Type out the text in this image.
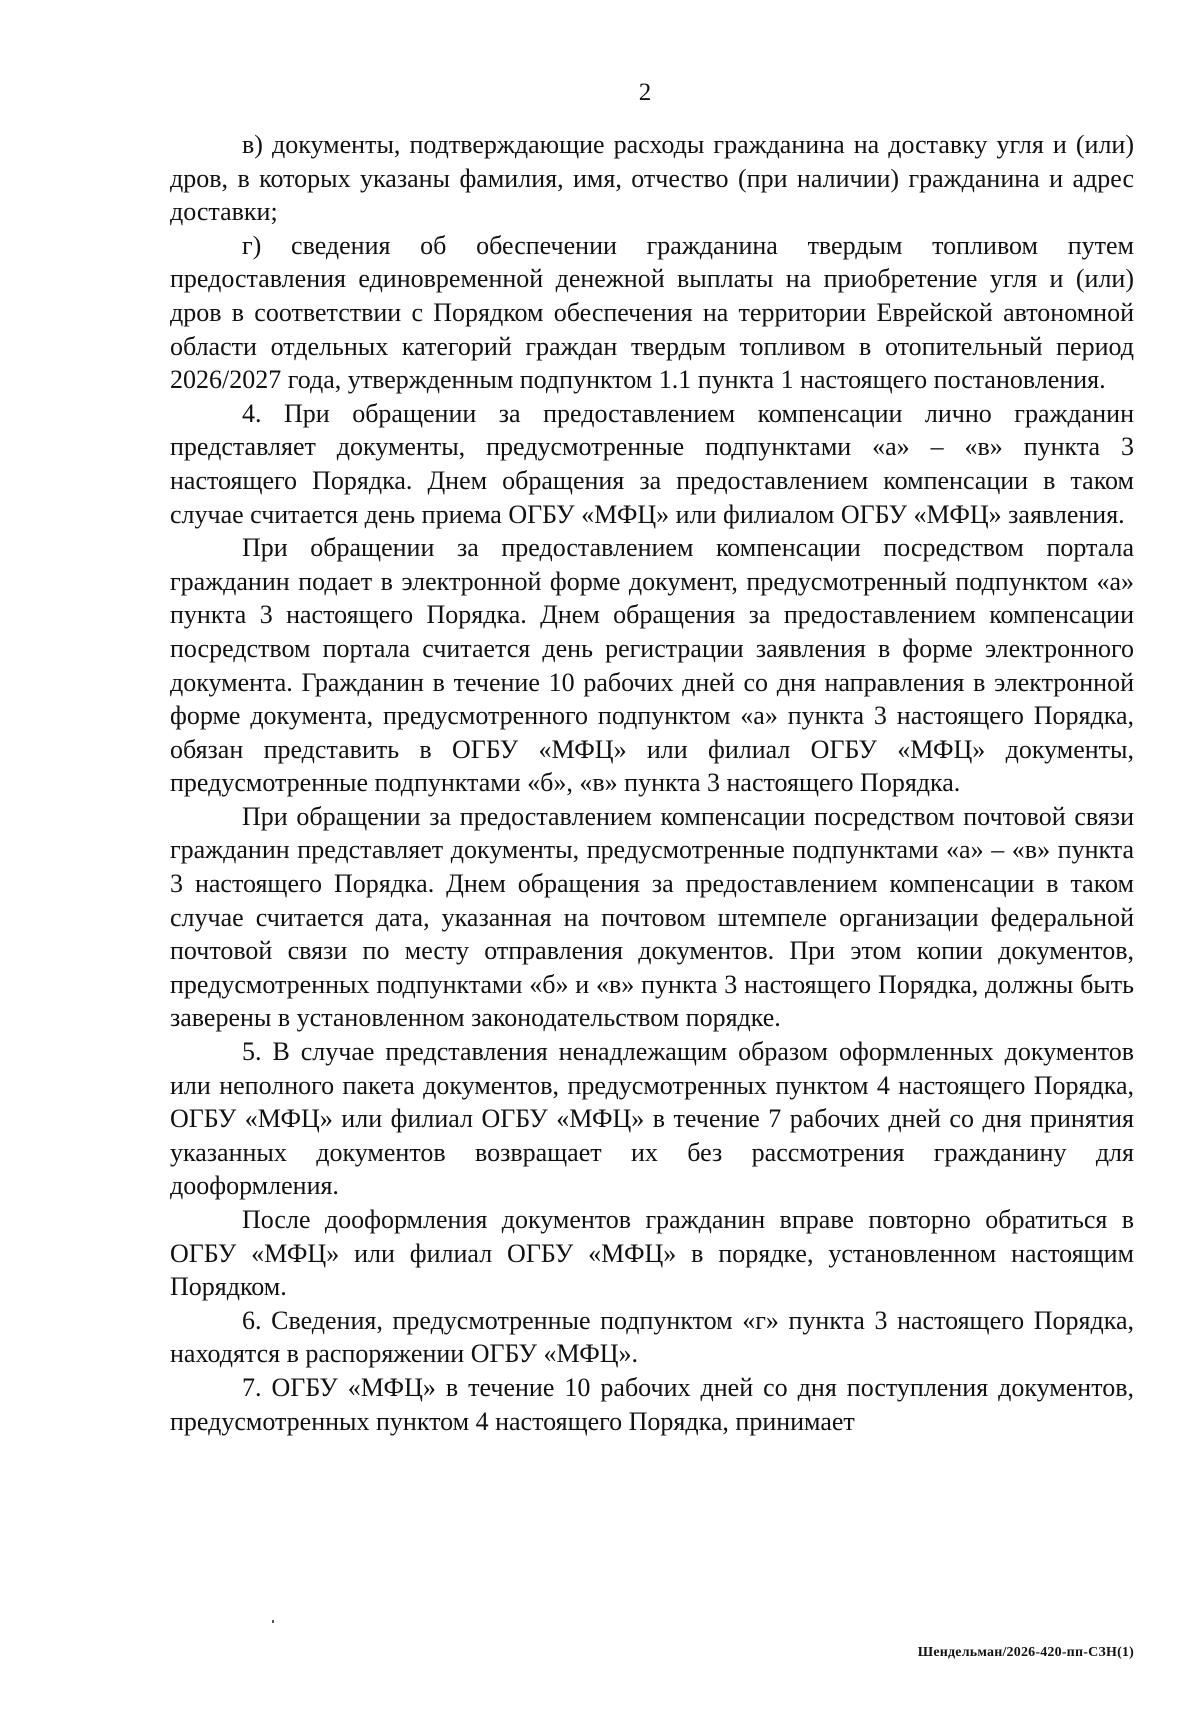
2

в) документы, подтверждающие расходы гражданина на доставку угля и (или) дров, в которых указаны фамилия, имя, отчество (при наличии) гражданина и адрес доставки;

г) сведения об обеспечении гражданина твердым топливом путем предоставления единовременной денежной выплаты на приобретение угля и (или) дров в соответствии с Порядком обеспечения на территории Еврейской автономной области отдельных категорий граждан твердым топливом в отопительный период 2026/2027 года, утвержденным подпунктом 1.1 пункта 1 настоящего постановления.

4. При обращении за предоставлением компенсации лично гражданин представляет документы, предусмотренные подпунктами «а» – «в» пункта 3 настоящего Порядка. Днем обращения за предоставлением компенсации в таком случае считается день приема ОГБУ «МФЦ» или филиалом ОГБУ «МФЦ» заявления.

При обращении за предоставлением компенсации посредством портала гражданин подает в электронной форме документ, предусмотренный подпунктом «а» пункта 3 настоящего Порядка. Днем обращения за предоставлением компенсации посредством портала считается день регистрации заявления в форме электронного документа. Гражданин в течение 10 рабочих дней со дня направления в электронной форме документа, предусмотренного подпунктом «а» пункта 3 настоящего Порядка, обязан представить в ОГБУ «МФЦ» или филиал ОГБУ «МФЦ» документы, предусмотренные подпунктами «б», «в» пункта 3 настоящего Порядка.

При обращении за предоставлением компенсации посредством почтовой связи гражданин представляет документы, предусмотренные подпунктами «а» – «в» пункта 3 настоящего Порядка. Днем обращения за предоставлением компенсации в таком случае считается дата, указанная на почтовом штемпеле организации федеральной почтовой связи по месту отправления документов. При этом копии документов, предусмотренных подпунктами «б» и «в» пункта 3 настоящего Порядка, должны быть заверены в установленном законодательством порядке.

5. В случае представления ненадлежащим образом оформленных документов или неполного пакета документов, предусмотренных пунктом 4 настоящего Порядка, ОГБУ «МФЦ» или филиал ОГБУ «МФЦ» в течение 7 рабочих дней со дня принятия указанных документов возвращает их без рассмотрения гражданину для дооформления.

После дооформления документов гражданин вправе повторно обратиться в ОГБУ «МФЦ» или филиал ОГБУ «МФЦ» в порядке, установленном настоящим Порядком.

6. Сведения, предусмотренные подпунктом «г» пункта 3 настоящего Порядка, находятся в распоряжении ОГБУ «МФЦ».

7. ОГБУ «МФЦ» в течение 10 рабочих дней со дня поступления документов, предусмотренных пунктом 4 настоящего Порядка, принимает

Шендельман/2026-420-пп-СЗН(1)
